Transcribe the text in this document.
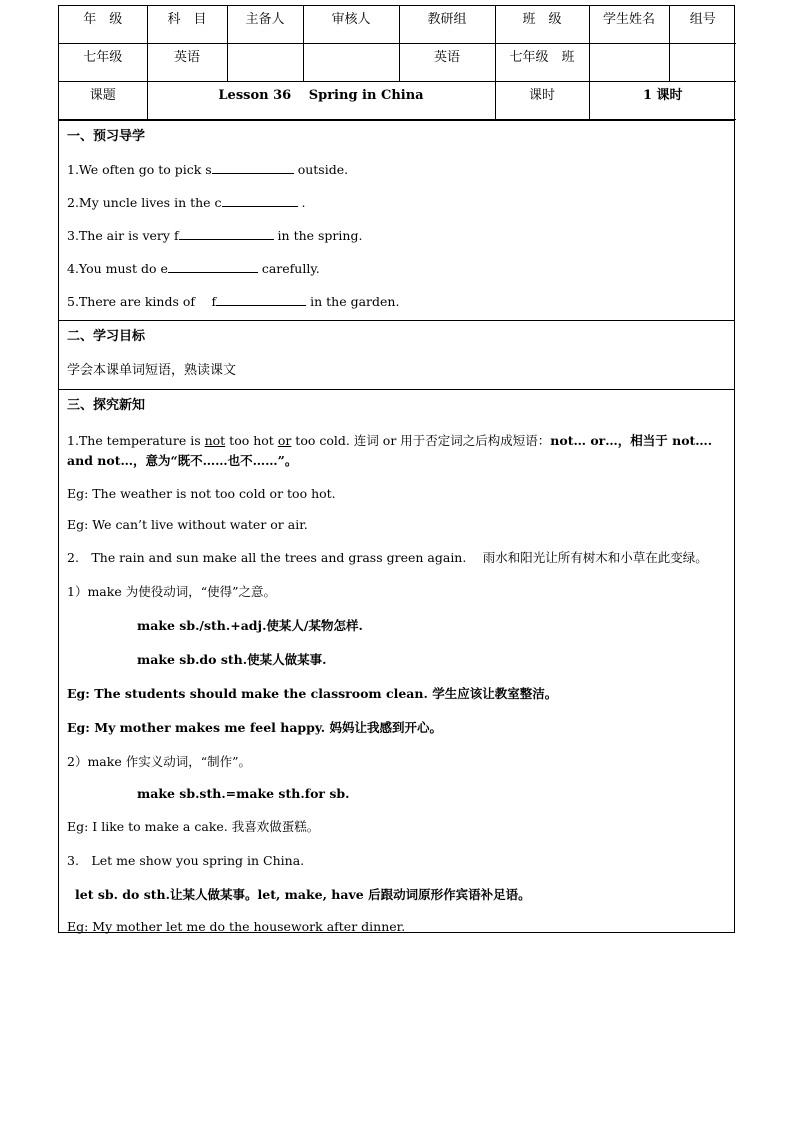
年　级	科　目	主备人	审核人	教研组	班　级	学生姓名	组号
七年级	英语			英语	七年级　班		
课题	Lesson 36　 Spring in China				课时	1 课时	
一、预习导学

1.We often go to pick s	outside.

2.My uncle lives in the c	.

3.The air is very f	in the spring.

4.You must do e	carefully.

5.There are kinds of　 f	in the garden.

二、学习目标

学会本课单词短语，熟读课文

三、探究新知

1.The temperature is not too hot or too cold. 连词 or 用于否定词之后构成短语：not… or…，相当于 not…. and not…，意为“既不……也不……”。

Eg: The weather is not too cold or too hot.

Eg: We can’t live without water or air.

2.　The rain and sun make all the trees and grass green again.　 雨水和阳光让所有树木和小草在此变绿。

1）make 为使役动词，“使得”之意。

make sb./sth.+adj.使某人/某物怎样.

make sb.do sth.使某人做某事.

Eg: The students should make the classroom clean. 学生应该让教室整洁。

Eg: My mother makes me feel happy. 妈妈让我感到开心。

2）make 作实义动词，“制作”。

make sb.sth.=make sth.for sb.

Eg: I like to make a cake. 我喜欢做蛋糕。

3.　Let me show you spring in China.

let sb. do sth.让某人做某事。let, make, have 后跟动词原形作宾语补足语。

Eg: My mother let me do the housework after dinner.
